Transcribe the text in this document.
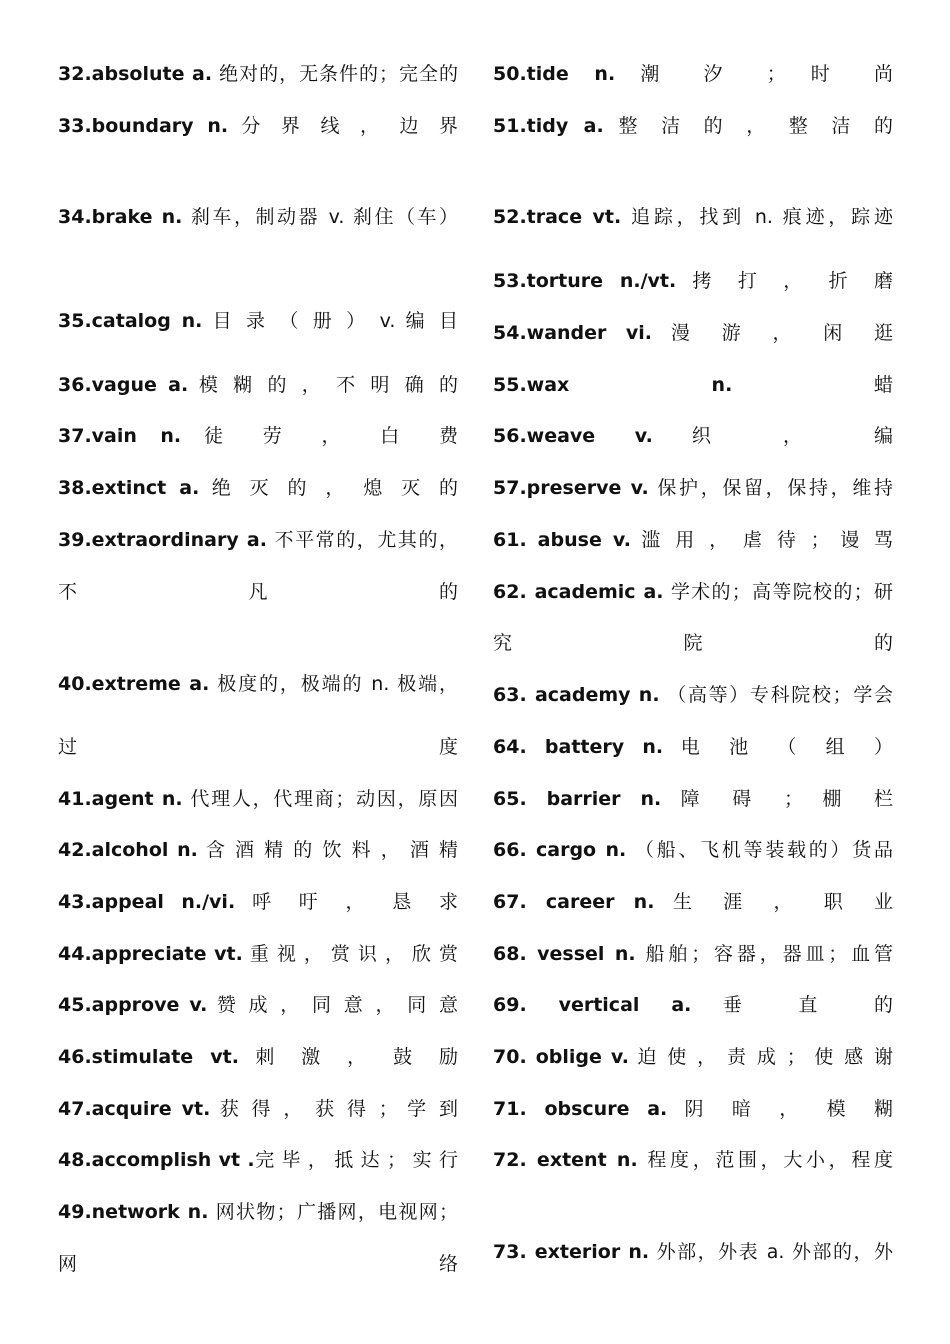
32.absolute a. 绝对的，无条件的；完全的
33.boundary n. 分 界 线 ， 边 界
34.brake n. 刹车，制动器 v. 刹住（车）
35.catalog n. 目 录 （ 册 ） v. 编 目
36.vague a. 模 糊 的 ， 不 明 确 的
37.vain n. 徒 劳 ， 白 费
38.extinct a. 绝 灭 的 ， 熄 灭 的
39.extraordinary a. 不平常的，尤其的，
不 凡 的
40.extreme a. 极度的，极端的 n. 极端，
过 度
41.agent n. 代理人，代理商；动因，原因
42.alcohol n. 含 酒 精 的 饮 料 ， 酒 精
43.appeal n./vi. 呼 吁 ， 恳 求
44.appreciate vt. 重 视 ， 赏 识 ， 欣 赏
45.approve v. 赞 成 ， 同 意 ， 同 意
46.stimulate vt. 刺 激 ， 鼓 励
47.acquire vt. 获 得 ， 获 得 ； 学 到
48.accomplish vt .完 毕 ， 抵 达 ； 实 行
49.network n. 网状物；广播网，电视网；
网 络
50.tide n. 潮 汐 ； 时 尚
51.tidy a. 整 洁 的 ， 整 洁 的
52.trace vt. 追踪，找到 n. 痕迹，踪迹
53.torture n./vt. 拷 打 ， 折 磨
54.wander vi. 漫 游 ， 闲 逛
55.wax n.	蜡
56.weave v. 织 ， 编
57.preserve v. 保护，保留，保持，维持
61. abuse v. 滥 用 ， 虐 待 ； 谩 骂
62. academic a. 学术的；高等院校的；研
究 院 的
63. academy n. （高等）专科院校；学会
64. battery n. 电 池 （ 组 ）
65. barrier n. 障 碍 ； 棚 栏
66. cargo n. （船、飞机等装载的）货品
67. career n. 生 涯 ， 职 业
68. vessel n. 船舶；容器，器皿；血管
69. vertical a. 垂 直 的
70. oblige v. 迫 使 ， 责 成 ； 使 感 谢
71. obscure a. 阴 暗 ， 模 糊
72. extent n. 程度，范围，大小，程度
73. exterior n. 外部，外表 a. 外部的，外
